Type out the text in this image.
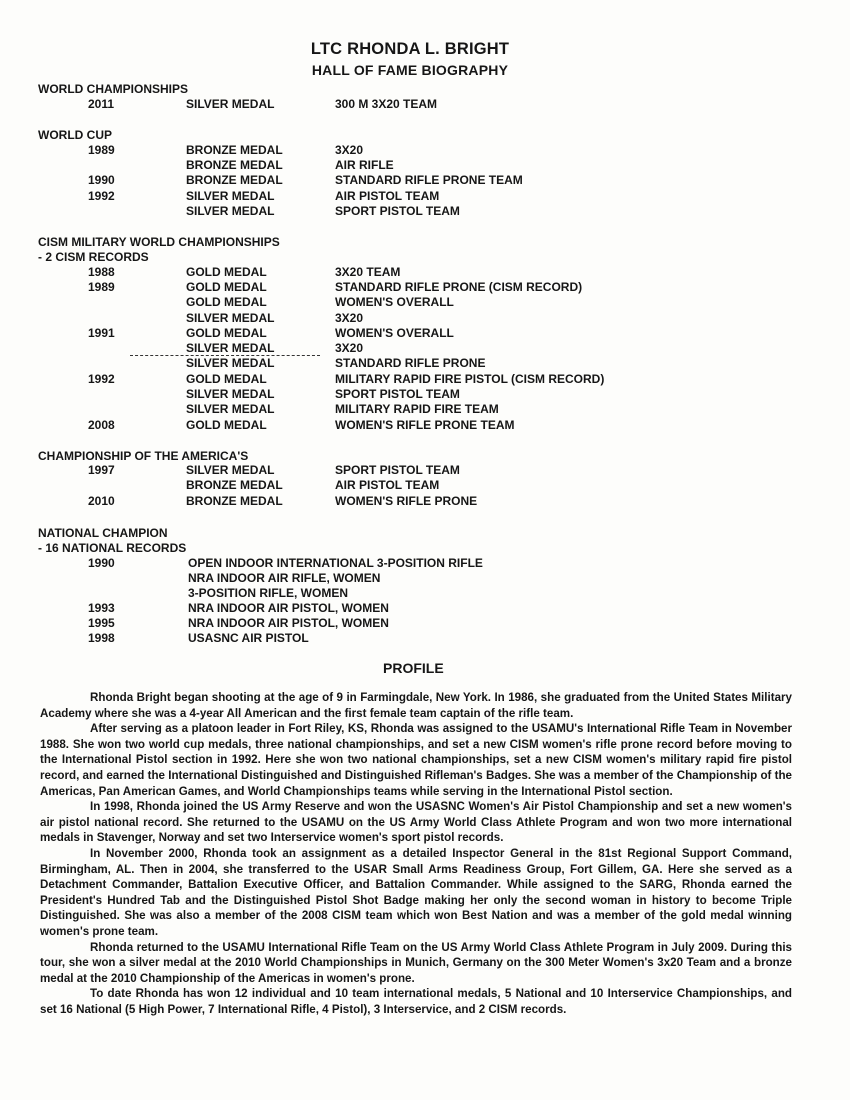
LTC RHONDA L. BRIGHT
HALL OF FAME BIOGRAPHY
WORLD CHAMPIONSHIPS
2011	SILVER MEDAL	300 M 3X20 TEAM
WORLD CUP
1989	BRONZE MEDAL	3X20
BRONZE MEDAL	AIR RIFLE
1990	BRONZE MEDAL	STANDARD RIFLE PRONE TEAM
1992	SILVER MEDAL	AIR PISTOL TEAM
SILVER MEDAL	SPORT PISTOL TEAM
CISM MILITARY WORLD CHAMPIONSHIPS
- 2 CISM RECORDS
1988	GOLD MEDAL	3X20 TEAM
1989	GOLD MEDAL	STANDARD RIFLE PRONE (CISM RECORD)
GOLD MEDAL	WOMEN'S OVERALL
SILVER MEDAL	3X20
1991	GOLD MEDAL	WOMEN'S OVERALL
SILVER MEDAL	3X20
SILVER MEDAL	STANDARD RIFLE PRONE
1992	GOLD MEDAL	MILITARY RAPID FIRE PISTOL (CISM RECORD)
SILVER MEDAL	SPORT PISTOL TEAM
SILVER MEDAL	MILITARY RAPID FIRE TEAM
2008	GOLD MEDAL	WOMEN'S RIFLE PRONE TEAM
CHAMPIONSHIP OF THE AMERICA'S
1997	SILVER MEDAL	SPORT PISTOL TEAM
BRONZE MEDAL	AIR PISTOL TEAM
2010	BRONZE MEDAL	WOMEN'S RIFLE PRONE
NATIONAL CHAMPION
- 16 NATIONAL RECORDS
1990	OPEN INDOOR INTERNATIONAL 3-POSITION RIFLE
NRA INDOOR AIR RIFLE, WOMEN
3-POSITION RIFLE, WOMEN
1993	NRA INDOOR AIR PISTOL, WOMEN
1995	NRA INDOOR AIR PISTOL, WOMEN
1998	USASNC AIR PISTOL
PROFILE

Rhonda Bright began shooting at the age of 9 in Farmingdale, New York. In 1986, she graduated from the United States Military Academy where she was a 4-year All American and the first female team captain of the rifle team.

After serving as a platoon leader in Fort Riley, KS, Rhonda was assigned to the USAMU's International Rifle Team in November 1988. She won two world cup medals, three national championships, and set a new CISM women's rifle prone record before moving to the International Pistol section in 1992. Here she won two national championships, set a new CISM women's military rapid fire pistol record, and earned the International Distinguished and Distinguished Rifleman's Badges. She was a member of the Championship of the Americas, Pan American Games, and World Championships teams while serving in the International Pistol section.

In 1998, Rhonda joined the US Army Reserve and won the USASNC Women's Air Pistol Championship and set a new women's air pistol national record. She returned to the USAMU on the US Army World Class Athlete Program and won two more international medals in Stavenger, Norway and set two Interservice women's sport pistol records.

In November 2000, Rhonda took an assignment as a detailed Inspector General in the 81st Regional Support Command, Birmingham, AL. Then in 2004, she transferred to the USAR Small Arms Readiness Group, Fort Gillem, GA. Here she served as a Detachment Commander, Battalion Executive Officer, and Battalion Commander. While assigned to the SARG, Rhonda earned the President's Hundred Tab and the Distinguished Pistol Shot Badge making her only the second woman in history to become Triple Distinguished. She was also a member of the 2008 CISM team which won Best Nation and was a member of the gold medal winning women's prone team.

Rhonda returned to the USAMU International Rifle Team on the US Army World Class Athlete Program in July 2009. During this tour, she won a silver medal at the 2010 World Championships in Munich, Germany on the 300 Meter Women's 3x20 Team and a bronze medal at the 2010 Championship of the Americas in women's prone.

To date Rhonda has won 12 individual and 10 team international medals, 5 National and 10 Interservice Championships, and set 16 National (5 High Power, 7 International Rifle, 4 Pistol), 3 Interservice, and 2 CISM records.
